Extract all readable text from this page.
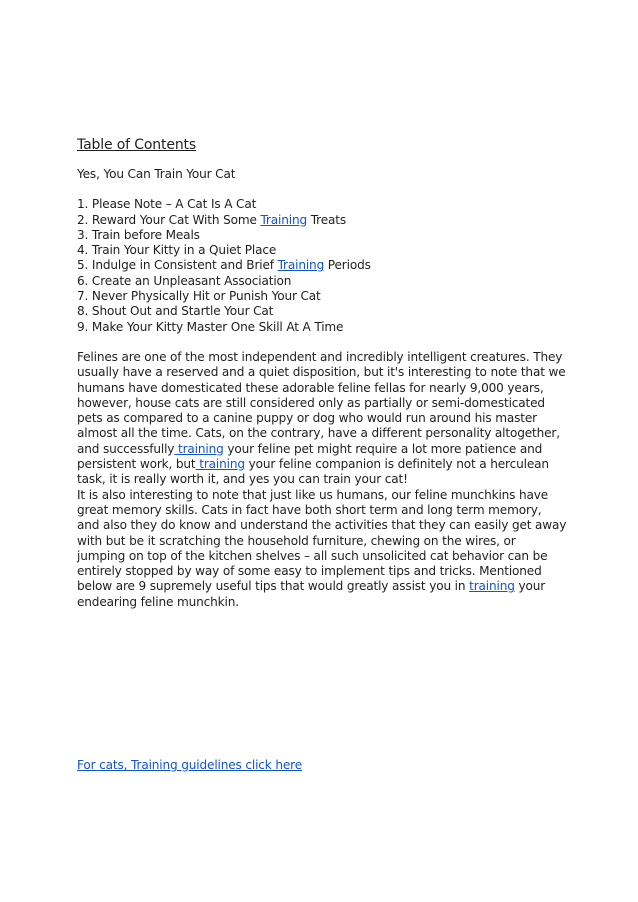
Table of Contents

Yes, You Can Train Your Cat

1. Please Note – A Cat Is A Cat
2. Reward Your Cat With Some Training Treats
3. Train before Meals
4. Train Your Kitty in a Quiet Place
5. Indulge in Consistent and Brief Training Periods
6. Create an Unpleasant Association
7. Never Physically Hit or Punish Your Cat
8. Shout Out and Startle Your Cat
9. Make Your Kitty Master One Skill At A Time

Felines are one of the most independent and incredibly intelligent creatures. They usually have a reserved and a quiet disposition, but it's interesting to note that we humans have domesticated these adorable feline fellas for nearly 9,000 years, however, house cats are still considered only as partially or semi-domesticated pets as compared to a canine puppy or dog who would run around his master almost all the time. Cats, on the contrary, have a different personality altogether, and successfully training your feline pet might require a lot more patience and persistent work, but training your feline companion is definitely not a herculean task, it is really worth it, and yes you can train your cat!

It is also interesting to note that just like us humans, our feline munchkins have great memory skills. Cats in fact have both short term and long term memory, and also they do know and understand the activities that they can easily get away with but be it scratching the household furniture, chewing on the wires, or jumping on top of the kitchen shelves – all such unsolicited cat behavior can be entirely stopped by way of some easy to implement tips and tricks. Mentioned below are 9 supremely useful tips that would greatly assist you in training your endearing feline munchkin.

For cats, Training guidelines click here
